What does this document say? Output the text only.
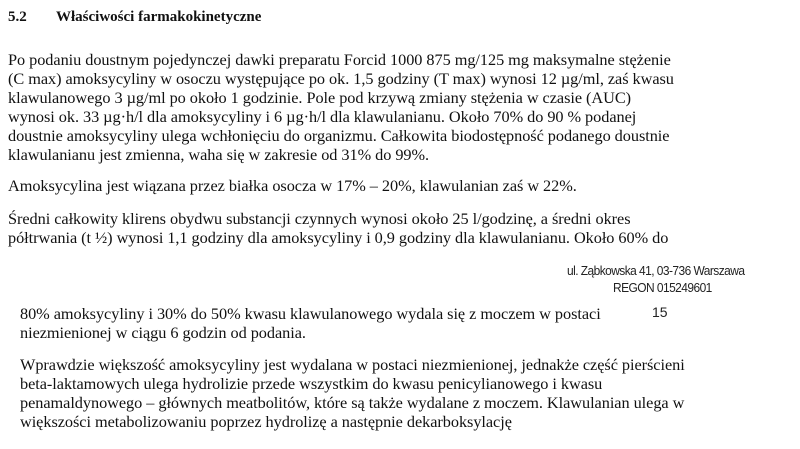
5.2 Właściwości farmakokinetyczne
Po podaniu doustnym pojedynczej dawki preparatu Forcid 1000 875 mg/125 mg maksymalne stężenie
(C max) amoksycyliny w osoczu występujące po ok. 1,5 godziny (T max) wynosi 12 µg/ml, zaś kwasu
klawulanowego 3 µg/ml po około 1 godzinie. Pole pod krzywą zmiany stężenia w czasie (AUC)
wynosi ok. 33 µg·h/l dla amoksycyliny i 6 µg·h/l dla klawulanianu. Około 70% do 90 % podanej
doustnie amoksycyliny ulega wchłonięciu do organizmu. Całkowita biodostępność podanego doustnie
klawulanianu jest zmienna, waha się w zakresie od 31% do 99%.
Amoksycylina jest wiązana przez białka osocza w 17% – 20%, klawulanian zaś w 22%.
Średni całkowity klirens obydwu substancji czynnych wynosi około 25 l/godzinę, a średni okres
półtrwania (t ½) wynosi 1,1 godziny dla amoksycyliny i 0,9 godziny dla klawulanianu. Około 60% do
ul. Ząbkowska 41, 03-736 Warszawa
REGON 015249601
80% amoksycyliny i 30% do 50% kwasu klawulanowego wydala się z moczem w postaci	15
niezmienionej w ciągu 6 godzin od podania.
Wprawdzie większość amoksycyliny jest wydalana w postaci niezmienionej, jednakże część pierścieni
beta-laktamowych ulega hydrolizie przede wszystkim do kwasu penicylianowego i kwasu
penamaldynowego – głównych meatbolitów, które są także wydalane z moczem. Klawulanian ulega w
większości metabolizowaniu poprzez hydrolizę a następnie dekarboksylację
